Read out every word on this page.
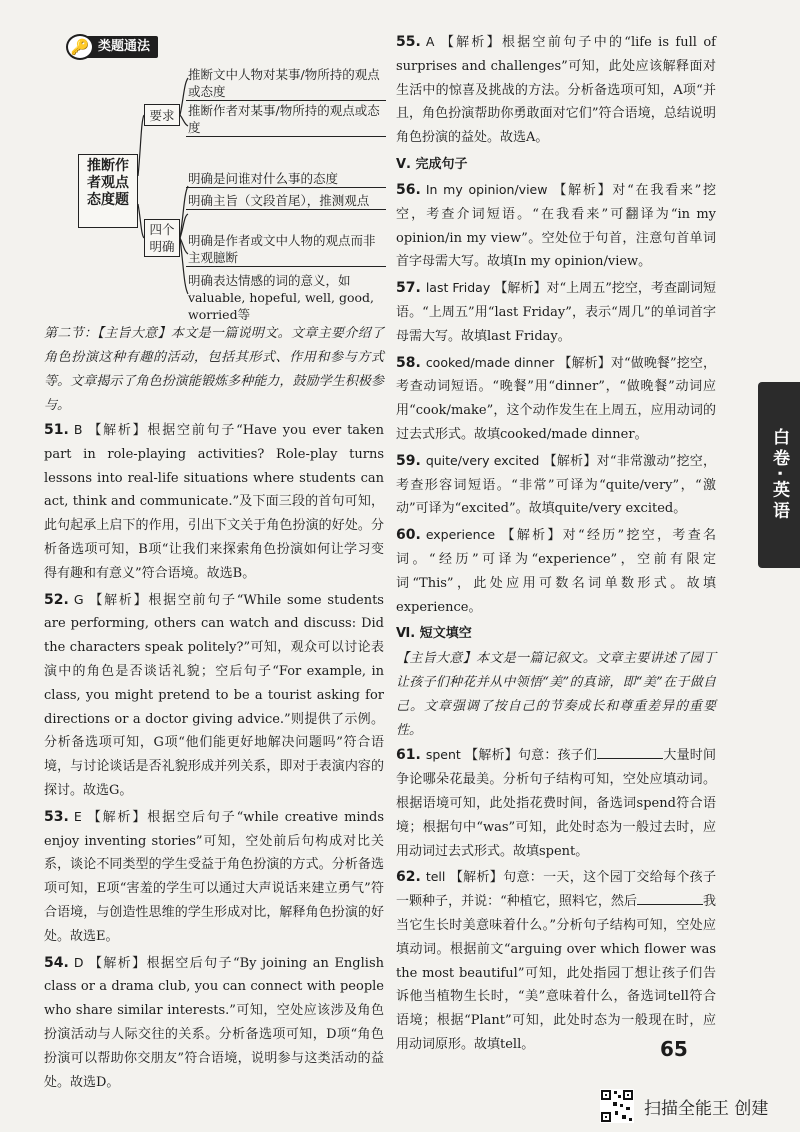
🔑 类题通法
推断作者观点态度题
要求
四个明确
推断文中人物对某事/物所持的观点或态度
推断作者对某事/物所持的观点或态度
明确是问谁对什么事的态度
明确主旨（文段首尾），推测观点
明确是作者或文中人物的观点而非主观臆断
明确表达情感的词的意义，如valuable, hopeful, well, good, worried等

第二节：【主旨大意】本文是一篇说明文。文章主要介绍了角色扮演这种有趣的活动，包括其形式、作用和参与方式等。文章揭示了角色扮演能锻炼多种能力，鼓励学生积极参与。

51. B 【解析】根据空前句子“Have you ever taken part in role-playing activities? Role-play turns lessons into real-life situations where students can act, think and communicate.”及下面三段的首句可知，此句起承上启下的作用，引出下文关于角色扮演的好处。分析备选项可知，B项“让我们来探索角色扮演如何让学习变得有趣和有意义”符合语境。故选B。
52. G 【解析】根据空前句子“While some students are performing, others can watch and discuss: Did the characters speak politely?”可知，观众可以讨论表演中的角色是否谈话礼貌；空后句子“For example, in class, you might pretend to be a tourist asking for directions or a doctor giving advice.”则提供了示例。分析备选项可知，G项“他们能更好地解决问题吗”符合语境，与讨论谈话是否礼貌形成并列关系，即对于表演内容的探讨。故选G。
53. E 【解析】根据空后句子“while creative minds enjoy inventing stories”可知，空处前后句构成对比关系，谈论不同类型的学生受益于角色扮演的方式。分析备选项可知，E项“害羞的学生可以通过大声说话来建立勇气”符合语境，与创造性思维的学生形成对比，解释角色扮演的好处。故选E。
54. D 【解析】根据空后句子“By joining an English class or a drama club, you can connect with people who share similar interests.”可知，空处应该涉及角色扮演活动与人际交往的关系。分析备选项可知，D项“角色扮演可以帮助你交朋友”符合语境，说明参与这类活动的益处。故选D。
55. A 【解析】根据空前句子中的“life is full of surprises and challenges”可知，此处应该解释面对生活中的惊喜及挑战的方法。分析备选项可知，A项“并且，角色扮演帮助你勇敢面对它们”符合语境，总结说明角色扮演的益处。故选A。
Ⅴ. 完成句子
56. In my opinion/view 【解析】对“在我看来”挖空，考查介词短语。“在我看来”可翻译为“in my opinion/in my view”。空处位于句首，注意句首单词首字母需大写。故填In my opinion/view。
57. last Friday 【解析】对“上周五”挖空，考查副词短语。“上周五”用“last Friday”，表示“周几”的单词首字母需大写。故填last Friday。
58. cooked/made dinner 【解析】对“做晚餐”挖空，考查动词短语。“晚餐”用“dinner”，“做晚餐”动词应用“cook/make”，这个动作发生在上周五，应用动词的过去式形式。故填cooked/made dinner。
59. quite/very excited 【解析】对“非常激动”挖空，考查形容词短语。“非常”可译为“quite/very”，“激动”可译为“excited”。故填quite/very excited。
60. experience 【解析】对“经历”挖空，考查名词。“经历”可译为“experience”，空前有限定词“This”，此处应用可数名词单数形式。故填experience。
Ⅵ. 短文填空

【主旨大意】本文是一篇记叙文。文章主要讲述了园丁让孩子们种花并从中领悟“美”的真谛，即“美”在于做自己。文章强调了按自己的节奏成长和尊重差异的重要性。

61. spent 【解析】句意：孩子们	大量时间争论哪朵花最美。分析句子结构可知，空处应填动词。根据语境可知，此处指花费时间，备选词spend符合语境；根据句中“was”可知，此处时态为一般过去时，应用动词过去式形式。故填spent。
62. tell 【解析】句意：一天，这个园丁交给每个孩子一颗种子，并说：“种植它，照料它，然后	我当它生长时美意味着什么。”分析句子结构可知，空处应填动词。根据前文“arguing over which flower was the most beautiful”可知，此处指园丁想让孩子们告诉他当植物生长时，“美”意味着什么，备选词tell符合语境；根据“Plant”可知，此处时态为一般现在时，应用动词原形。故填tell。
白卷·英语
65
扫描全能王 创建
